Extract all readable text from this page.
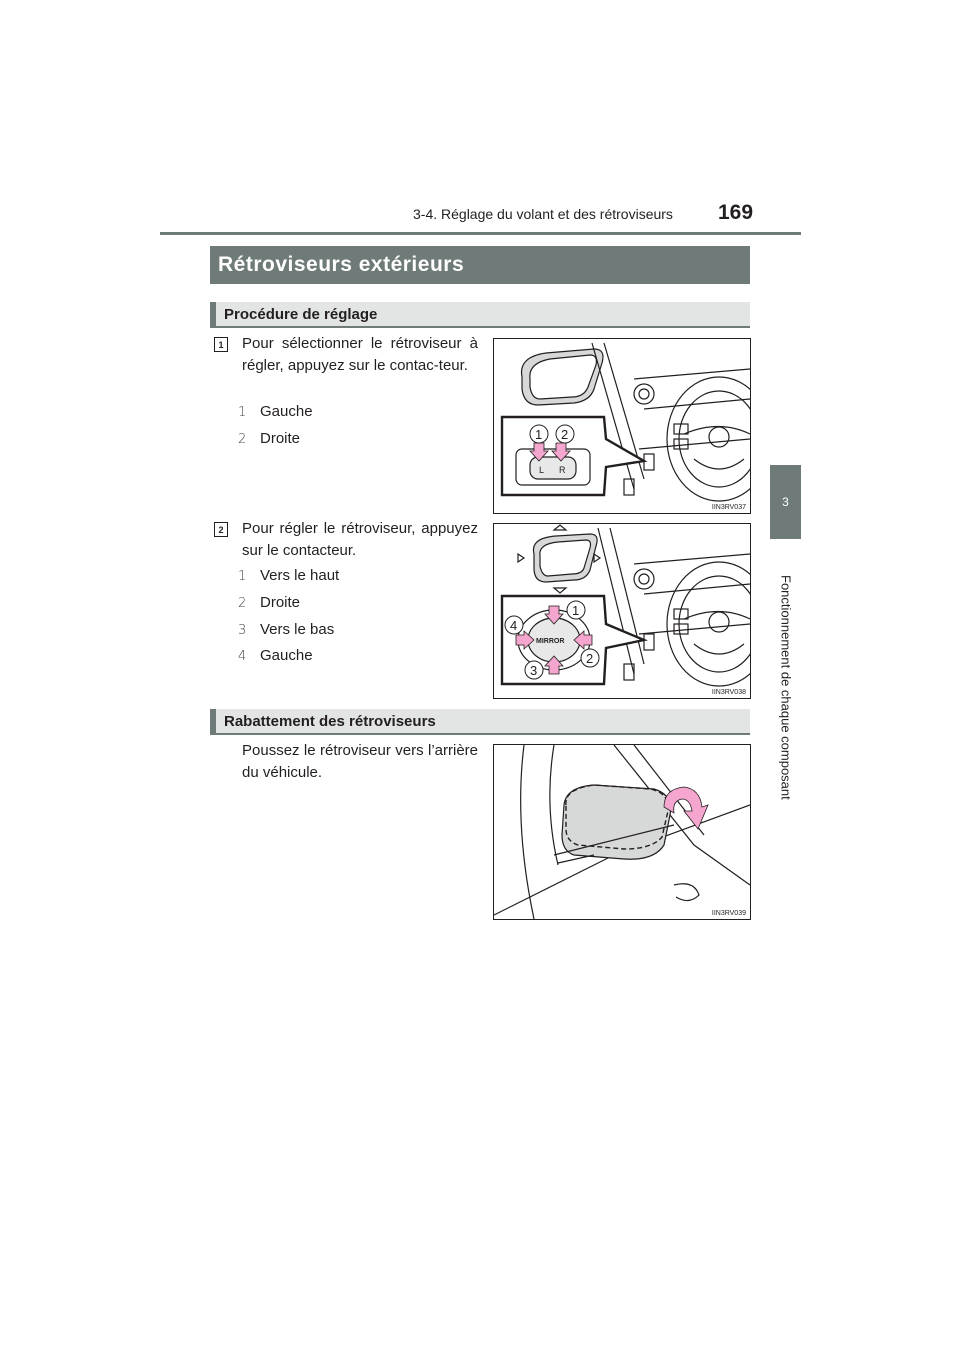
3-4. Réglage du volant et des rétroviseurs 169
3
Fonctionnement de chaque composant
Rétroviseurs extérieurs
Procédure de réglage
1	Pour sélectionner le rétroviseur à régler, appuyez sur le contac-teur.
1 Gauche
2 Droite
L R
1 2
IIN3RV037
2	Pour régler le rétroviseur, appuyez sur le contacteur.
1 Vers le haut
2 Droite
3 Vers le bas
4 Gauche
MIRROR
1
2
3
4
IIN3RV038
Rabattement des rétroviseurs
Poussez le rétroviseur vers l’arrière du véhicule.
IIN3RV039
